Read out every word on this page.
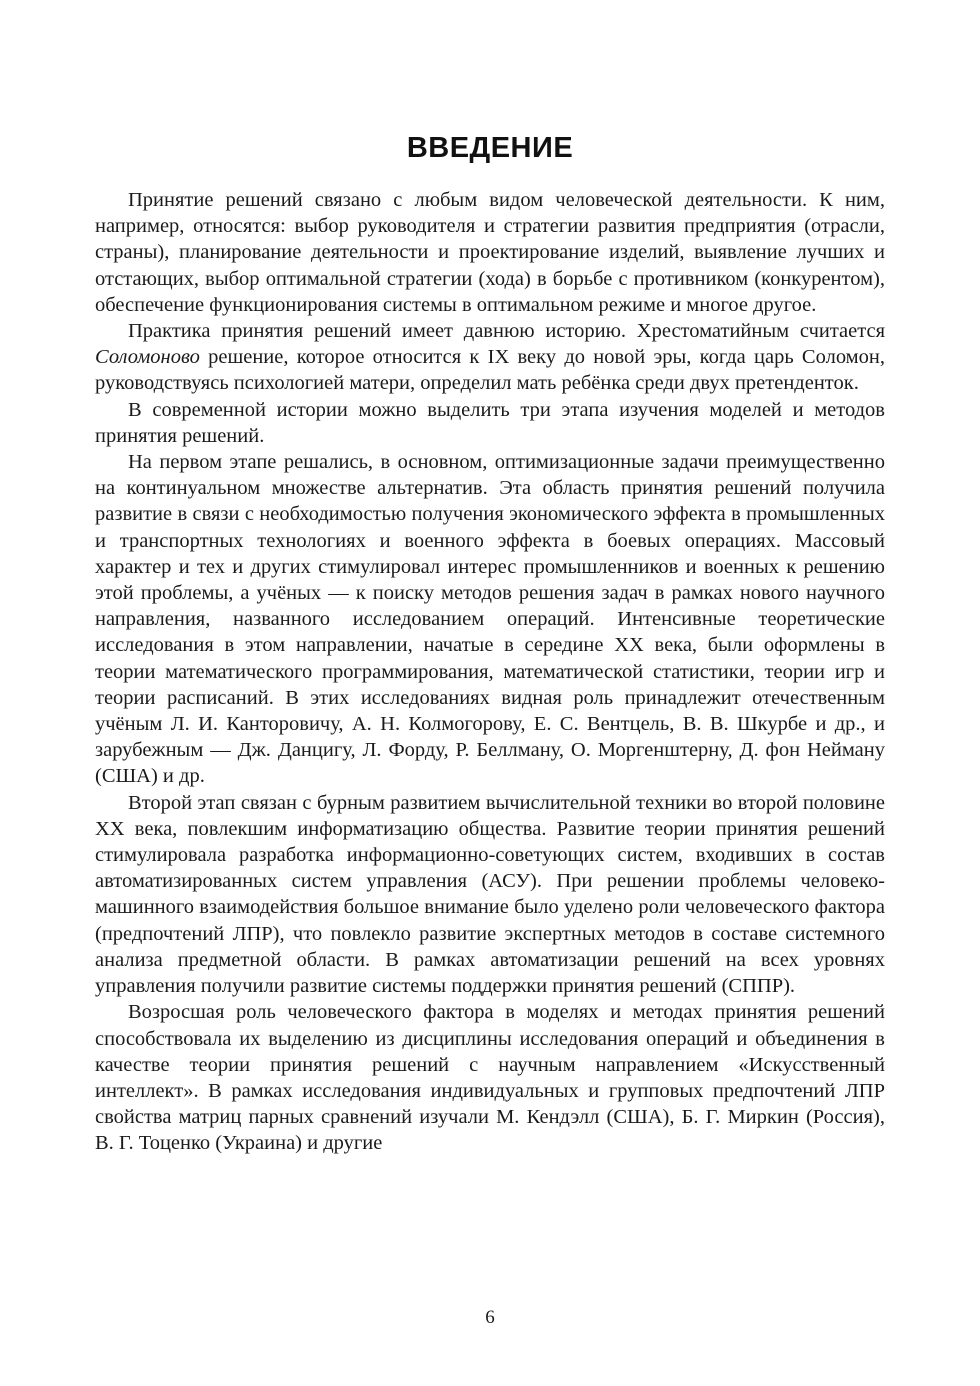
ВВЕДЕНИЕ

Принятие решений связано с любым видом человеческой деятельности. К ним, например, относятся: выбор руководителя и стратегии развития предприятия (отрасли, страны), планирование деятельности и проектирование изделий, выявление лучших и отстающих, выбор оптимальной стратегии (хода) в борьбе с противником (конкурентом), обеспечение функционирования системы в оптимальном режиме и многое другое.

Практика принятия решений имеет давнюю историю. Хрестоматийным считается Соломоново решение, которое относится к IX веку до новой эры, когда царь Соломон, руководствуясь психологией матери, определил мать ребёнка среди двух претенденток.

В современной истории можно выделить три этапа изучения моделей и методов принятия решений.

На первом этапе решались, в основном, оптимизационные задачи преимущественно на континуальном множестве альтернатив. Эта область принятия решений получила развитие в связи с необходимостью получения экономического эффекта в промышленных и транспортных технологиях и военного эффекта в боевых операциях. Массовый характер и тех и других стимулировал интерес промышленников и военных к решению этой проблемы, а учёных — к поиску методов решения задач в рамках нового научного направления, названного исследованием операций. Интенсивные теоретические исследования в этом направлении, начатые в середине XX века, были оформлены в теории математического программирования, математической статистики, теории игр и теории расписаний. В этих исследованиях видная роль принадлежит отечественным учёным Л. И. Канторовичу, А. Н. Колмогорову, Е. С. Вентцель, В. В. Шкурбе и др., и зарубежным — Дж. Данцигу, Л. Форду, Р. Беллману, О. Моргенштерну, Д. фон Нейману (США) и др.

Второй этап связан с бурным развитием вычислительной техники во второй половине XX века, повлекшим информатизацию общества. Развитие теории принятия решений стимулировала разработка информационно-советующих систем, входивших в состав автоматизированных систем управления (АСУ). При решении проблемы человеко-машинного взаимодействия большое внимание было уделено роли человеческого фактора (предпочтений ЛПР), что повлекло развитие экспертных методов в составе системного анализа предметной области. В рамках автоматизации решений на всех уровнях управления получили развитие системы поддержки принятия решений (СППР).

Возросшая роль человеческого фактора в моделях и методах принятия решений способствовала их выделению из дисциплины исследования операций и объединения в качестве теории принятия решений с научным направлением «Искусственный интеллект». В рамках исследования индивидуальных и групповых предпочтений ЛПР свойства матриц парных сравнений изучали М. Кендэлл (США), Б. Г. Миркин (Россия), В. Г. Тоценко (Украина) и другие

6
